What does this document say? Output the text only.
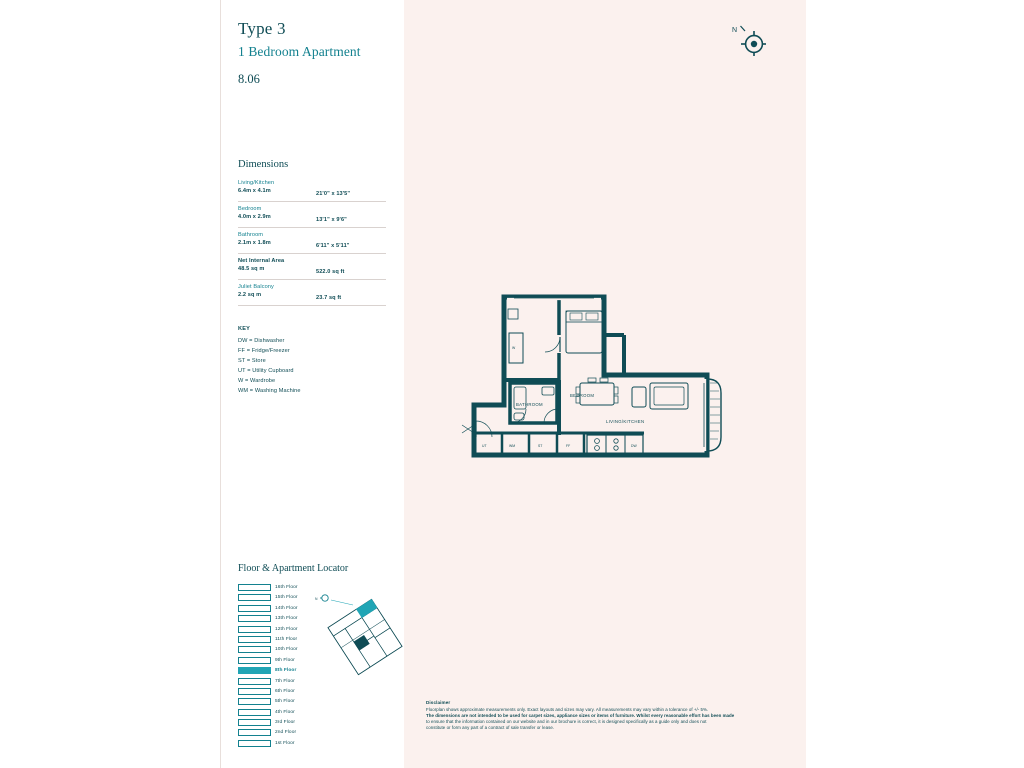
Type 3
1 Bedroom Apartment
8.06
Dimensions
Living/Kitchen
6.4m x 4.1m	21'0" x 13'5"
Bedroom
4.0m x 2.9m	13'1" x 9'6"
Bathroom
2.1m x 1.8m	6'11" x 5'11"
Net Internal Area
48.5 sq m	522.0 sq ft
Juliet Balcony
2.2 sq m	23.7 sq ft
KEY
DW = Dishwasher
FF = Fridge/Freezer
ST = Store
UT = Utility Cupboard
W = Wardrobe
WM = Washing Machine
Floor & Apartment Locator
16th Floor
15th Floor
14th Floor
13th Floor
12th Floor
11th Floor
10th Floor
9th Floor
8th Floor
7th Floor
6th Floor
5th Floor
4th Floor
3rd Floor
2nd Floor
1st Floor
N
N
BEDROOM
BATHROOM
LIVING/KITCHEN
UT	WM	ST	FF	DW
W
Disclaimer

Floorplan shows approximate measurements only. Exact layouts and sizes may vary. All measurements may vary within a tolerance of +/- 5%.

The dimensions are not intended to be used for carpet sizes, appliance sizes or items of furniture. Whilst every reasonable effort has been made

to ensure that the information contained on our website and in our brochure is correct, it is designed specifically as a guide only and does not

constitute or form any part of a contract of sale transfer or lease.
